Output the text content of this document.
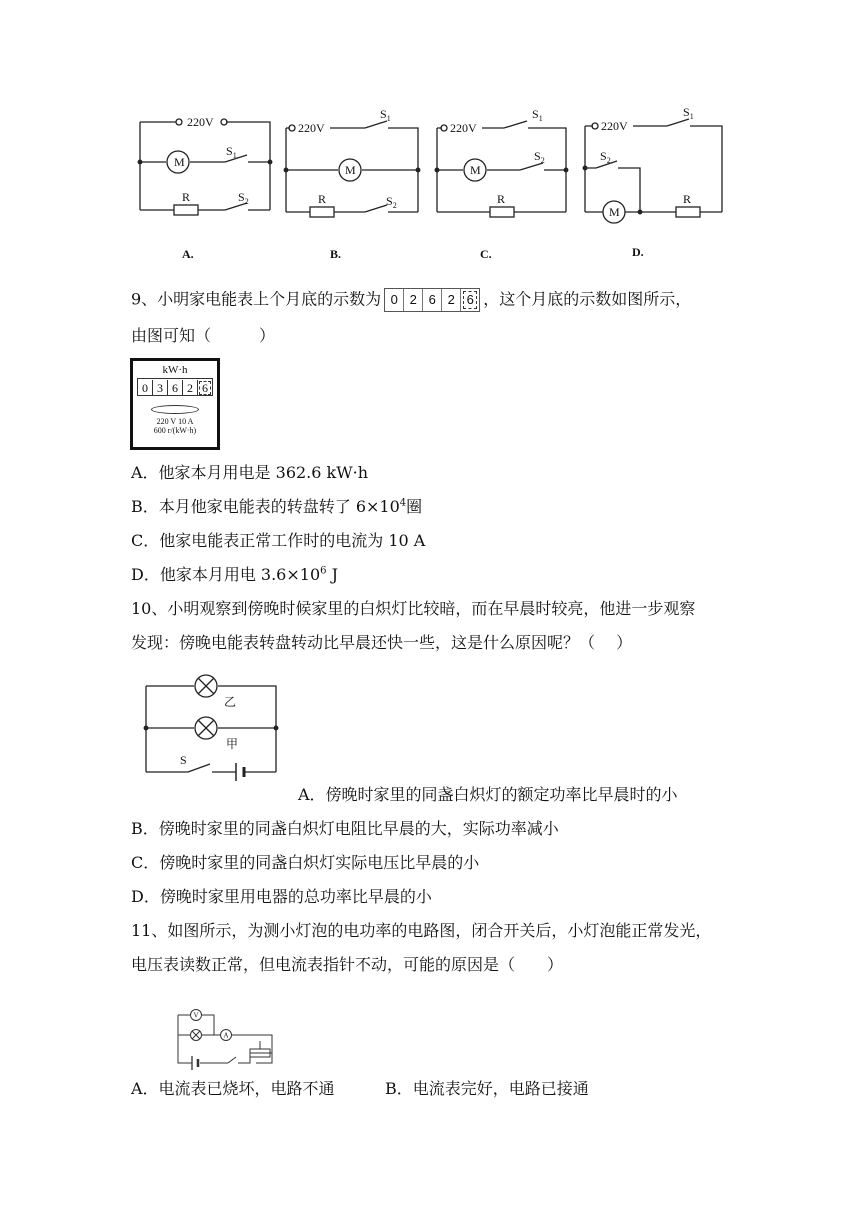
220V
M
$S_1$
R	$S_2$
220V
M
$S_1$
R	$S_2$
220V
M
$S_1$
$S_2$
R
220V
$S_1$
$S_2$
M
R
A.	B.	C.	D.
9、小明家电能表上个月底的示数为 0 2 6 2 6 ，这个月底的示数如图所示，
由图可知（　　　）
kW·h
0 3 6 2 6
220 V 10 A
600 r/(kW·h)
A．他家本月用电是 362.6 kW·h
B．本月他家电能表的转盘转了 $6\times 10^4$圈
C．他家电能表正常工作时的电流为 10 A
D．他家本月用电 $3.6\times 10^6$ J
10、小明观察到傍晚时候家里的白炽灯比较暗，而在早晨时较亮，他进一步观察
发现：傍晚电能表转盘转动比早晨还快一些，这是什么原因呢？（　 ）
乙
甲
S
A．傍晚时家里的同盏白炽灯的额定功率比早晨时的小
B．傍晚时家里的同盏白炽灯电阻比早晨的大，实际功率减小
C．傍晚时家里的同盏白炽灯实际电压比早晨的小
D．傍晚时家里用电器的总功率比早晨的小
11、如图所示，为测小灯泡的电功率的电路图，闭合开关后，小灯泡能正常发光，
电压表读数正常，但电流表指针不动，可能的原因是（　　）
V
A
A．电流表已烧坏，电路不通	B．电流表完好，电路已接通
